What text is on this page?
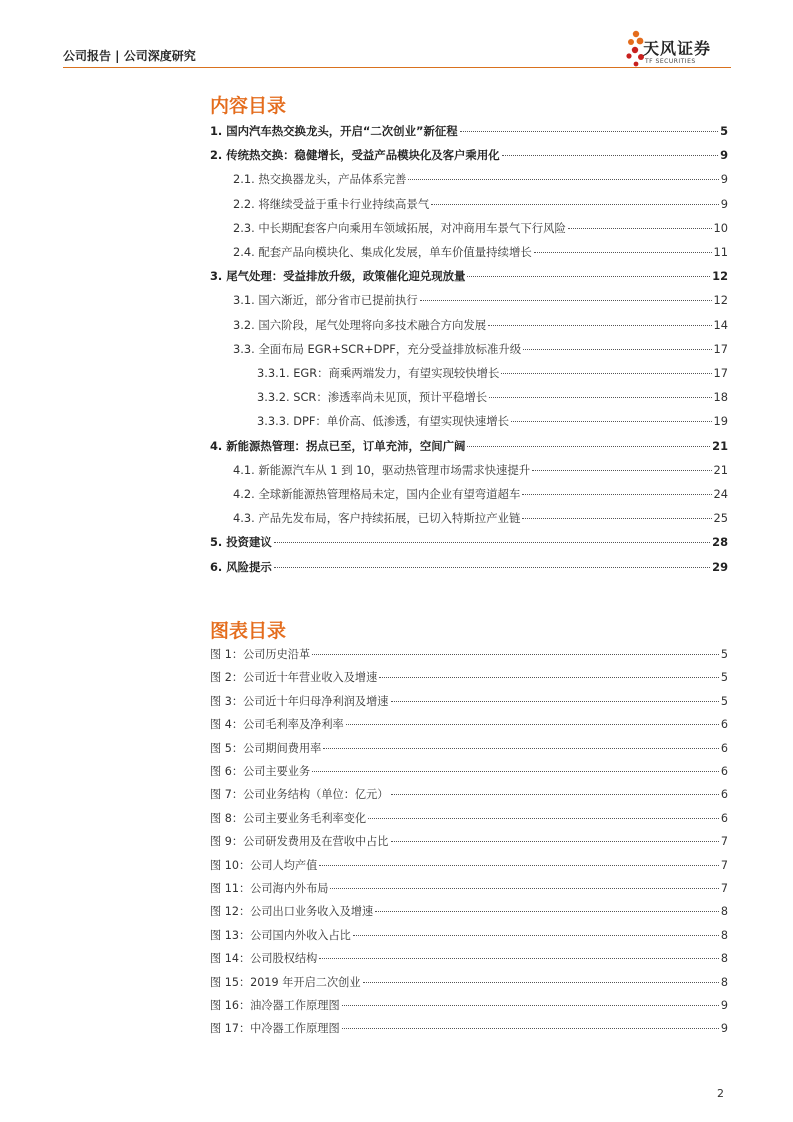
公司报告 | 公司深度研究	天风证券
TF SECURITIES
内容目录
1. 国内汽车热交换龙头，开启“二次创业”新征程	5
2. 传统热交换：稳健增长，受益产品模块化及客户乘用化	9
2.1. 热交换器龙头，产品体系完善	9
2.2. 将继续受益于重卡行业持续高景气	9
2.3. 中长期配套客户向乘用车领域拓展，对冲商用车景气下行风险	10
2.4. 配套产品向模块化、集成化发展，单车价值量持续增长	11
3. 尾气处理：受益排放升级，政策催化迎兑现放量	12
3.1. 国六渐近，部分省市已提前执行	12
3.2. 国六阶段，尾气处理将向多技术融合方向发展	14
3.3. 全面布局 EGR+SCR+DPF，充分受益排放标准升级	17
3.3.1. EGR：商乘两端发力，有望实现较快增长	17
3.3.2. SCR：渗透率尚未见顶，预计平稳增长	18
3.3.3. DPF：单价高、低渗透，有望实现快速增长	19
4. 新能源热管理：拐点已至，订单充沛，空间广阔	21
4.1. 新能源汽车从 1 到 10，驱动热管理市场需求快速提升	21
4.2. 全球新能源热管理格局未定，国内企业有望弯道超车	24
4.3. 产品先发布局，客户持续拓展，已切入特斯拉产业链	25
5. 投资建议	28
6. 风险提示	29
图表目录
图 1：公司历史沿革	5
图 2：公司近十年营业收入及增速	5
图 3：公司近十年归母净利润及增速	5
图 4：公司毛利率及净利率	6
图 5：公司期间费用率	6
图 6：公司主要业务	6
图 7：公司业务结构（单位：亿元）	6
图 8：公司主要业务毛利率变化	6
图 9：公司研发费用及在营收中占比	7
图 10：公司人均产值	7
图 11：公司海内外布局	7
图 12：公司出口业务收入及增速	8
图 13：公司国内外收入占比	8
图 14：公司股权结构	8
图 15：2019 年开启二次创业	8
图 16：油冷器工作原理图	9
图 17：中冷器工作原理图	9
2
